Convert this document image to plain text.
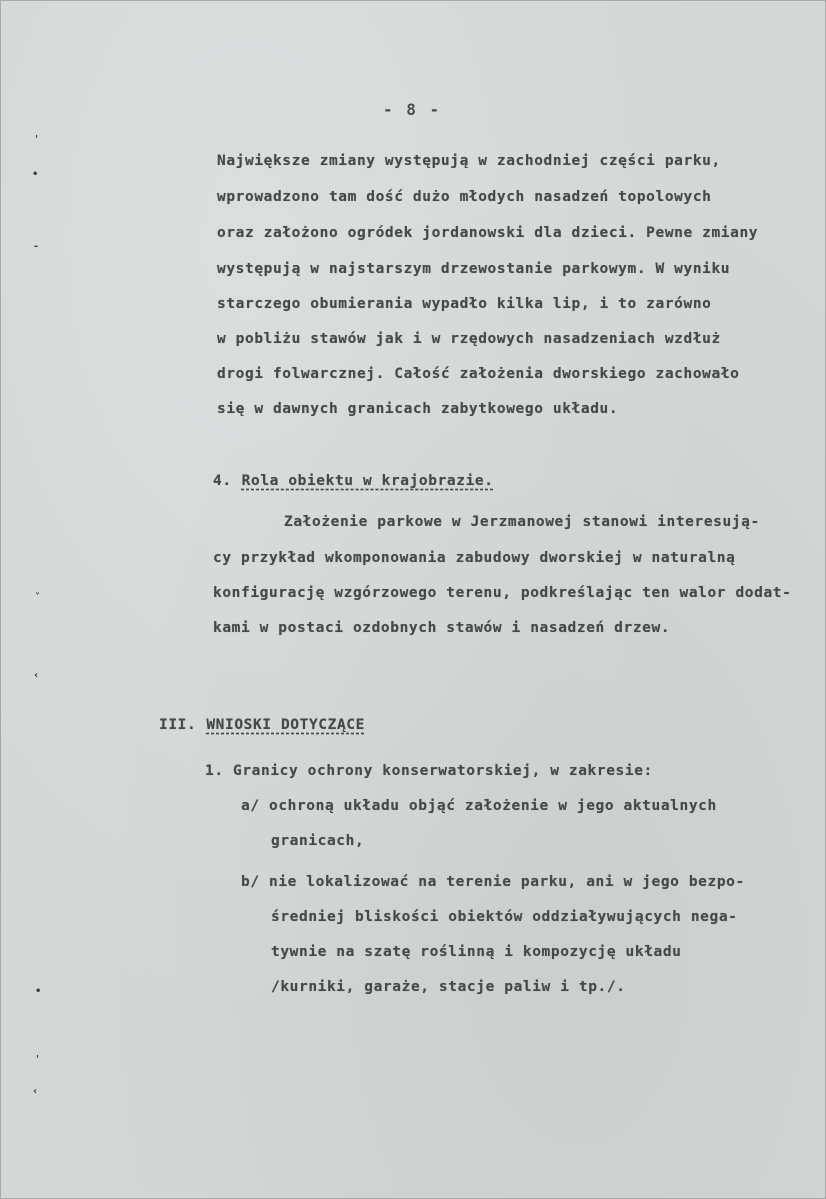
- 8 -
Największe zmiany występują w zachodniej części parku,
wprowadzono tam dość dużo młodych nasadzeń topolowych
oraz założono ogródek jordanowski dla dzieci. Pewne zmiany
występują w najstarszym drzewostanie parkowym. W wyniku
starczego obumierania wypadło kilka lip, i to zarówno
w pobliżu stawów jak i w rzędowych nasadzeniach wzdłuż
drogi folwarcznej. Całość założenia dworskiego zachowało
się w dawnych granicach zabytkowego układu.
4. Rola obiektu w krajobrazie.
Założenie parkowe w Jerzmanowej stanowi interesują-
cy przykład wkomponowania zabudowy dworskiej w naturalną
konfigurację wzgórzowego terenu, podkreślając ten walor dodat-
kami w postaci ozdobnych stawów i nasadzeń drzew.
III. WNIOSKI DOTYCZĄCE
1. Granicy ochrony konserwatorskiej, w zakresie:
a/ ochroną układu objąć założenie w jego aktualnych
granicach,
b/ nie lokalizować na terenie parku, ani w jego bezpo-
średniej bliskości obiektów oddziaływujących nega-
tywnie na szatę roślinną i kompozycję układu
/kurniki, garaże, stacje paliw i tp./.
'
•
-
˅
‹
•
'
‹
